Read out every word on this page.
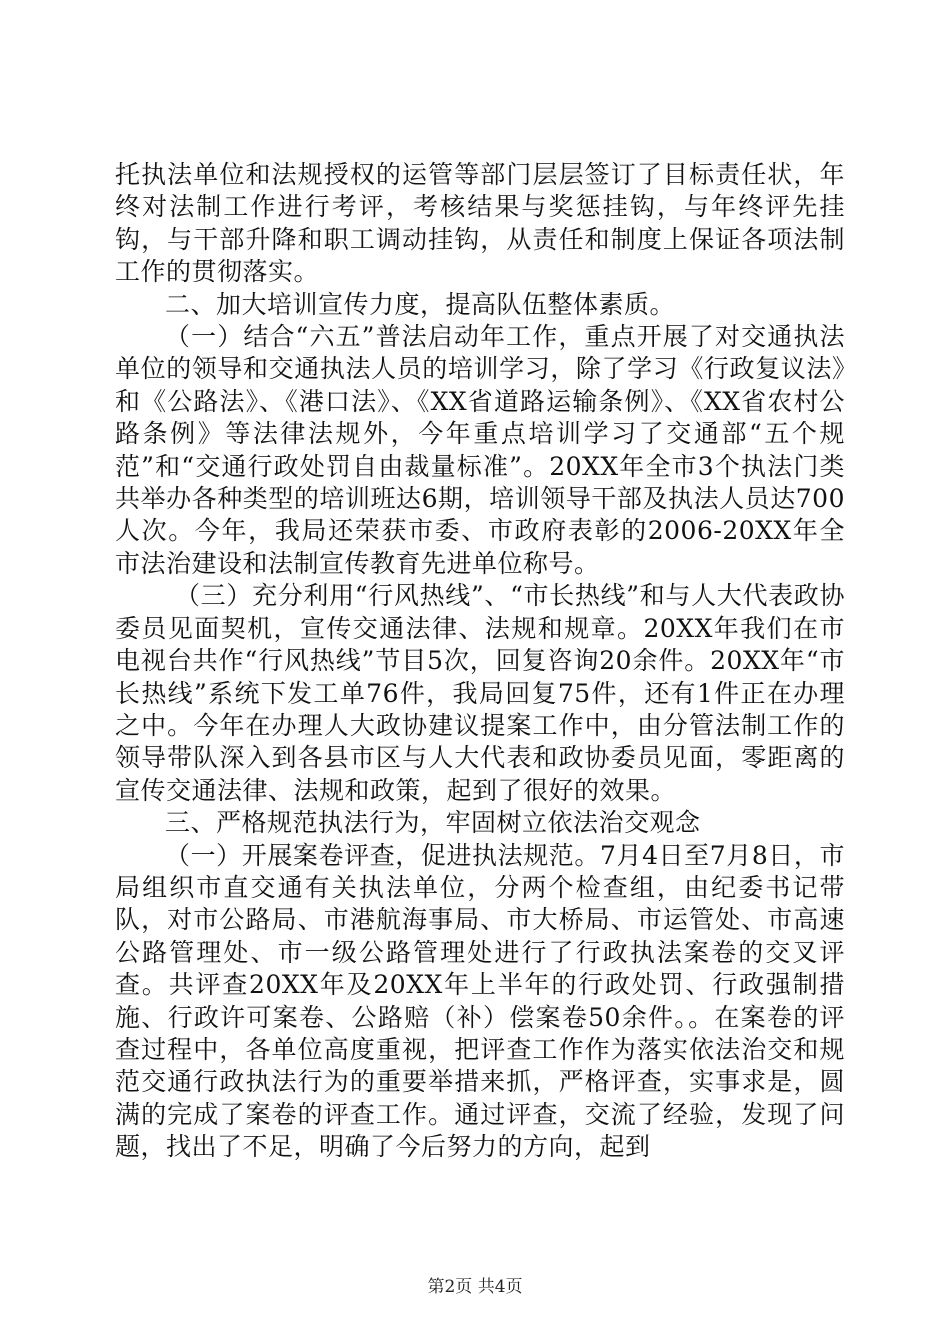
托执法单位和法规授权的运管等部门层层签订了目标责任状，年终对法制工作进行考评，考核结果与奖惩挂钩，与年终评先挂钩，与干部升降和职工调动挂钩，从责任和制度上保证各项法制工作的贯彻落实。

二、加大培训宣传力度，提高队伍整体素质。

（一）结合“六五”普法启动年工作，重点开展了对交通执法单位的领导和交通执法人员的培训学习，除了学习《行政复议法》和《公路法》、《港口法》、《XX省道路运输条例》、《XX省农村公路条例》等法律法规外，今年重点培训学习了交通部“五个规范”和“交通行政处罚自由裁量标准”。20XX年全市3个执法门类共举办各种类型的培训班达6期，培训领导干部及执法人员达700人次。今年，我局还荣获市委、市政府表彰的2006-20XX年全市法治建设和法制宣传教育先进单位称号。

（三）充分利用“行风热线”、“市长热线”和与人大代表政协委员见面契机，宣传交通法律、法规和规章。20XX年我们在市电视台共作“行风热线”节目5次，回复咨询20余件。20XX年“市长热线”系统下发工单76件，我局回复75件，还有1件正在办理之中。今年在办理人大政协建议提案工作中，由分管法制工作的领导带队深入到各县市区与人大代表和政协委员见面，零距离的宣传交通法律、法规和政策，起到了很好的效果。

三、严格规范执法行为，牢固树立依法治交观念

（一）开展案卷评查，促进执法规范。7月4日至7月8日，市局组织市直交通有关执法单位，分两个检查组，由纪委书记带队，对市公路局、市港航海事局、市大桥局、市运管处、市高速公路管理处、市一级公路管理处进行了行政执法案卷的交叉评查。共评查20XX年及20XX年上半年的行政处罚、行政强制措施、行政许可案卷、公路赔（补）偿案卷50余件。。在案卷的评查过程中，各单位高度重视，把评查工作作为落实依法治交和规范交通行政执法行为的重要举措来抓，严格评查，实事求是，圆满的完成了案卷的评查工作。通过评查，交流了经验，发现了问题，找出了不足，明确了今后努力的方向，起到

第2页 共4页
